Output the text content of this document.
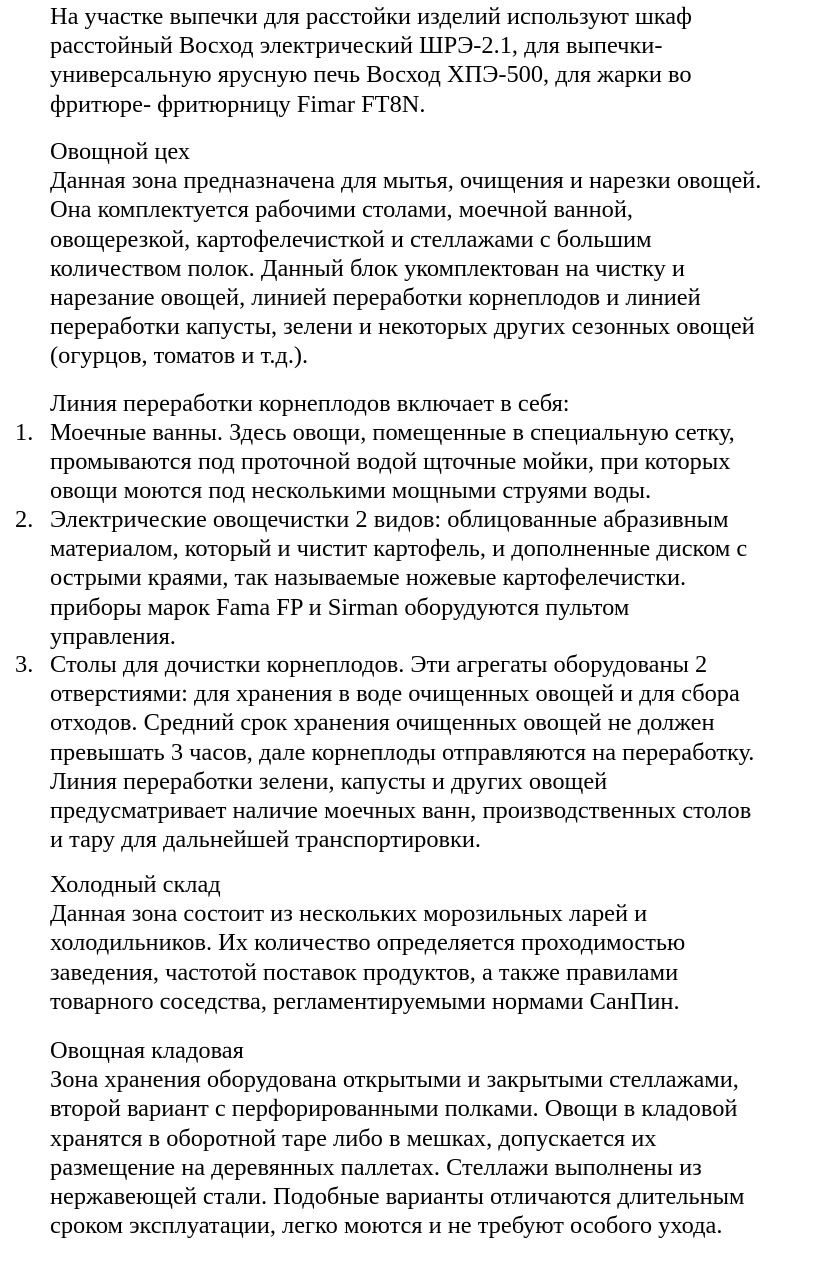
На участке выпечки для расстойки изделий используют шкаф
расстойный Восход электрический ШРЭ-2.1, для выпечки-
универсальную ярусную печь Восход ХПЭ-500, для жарки во
фритюре- фритюрницу Fimar FT8N.
Овощной цех
Данная зона предназначена для мытья, очищения и нарезки овощей.
Она комплектуется рабочими столами, моечной ванной,
овощерезкой, картофелечисткой и стеллажами с большим
количеством полок. Данный блок укомплектован на чистку и
нарезание овощей, линией переработки корнеплодов и линией
переработки капусты, зелени и некоторых других сезонных овощей
(огурцов, томатов и т.д.).
Линия переработки корнеплодов включает в себя:
1. Моечные ванны. Здесь овощи, помещенные в специальную сетку,
промываются под проточной водой щточные мойки, при которых
овощи моются под несколькими мощными струями воды.
2. Электрические овощечистки 2 видов: облицованные абразивным
материалом, который и чистит картофель, и дополненные диском с
острыми краями, так называемые ножевые картофелечистки.
приборы марок Fama FP и Sirman оборудуются пультом
управления.
3. Столы для дочистки корнеплодов. Эти агрегаты оборудованы 2
отверстиями: для хранения в воде очищенных овощей и для сбора
отходов. Средний срок хранения очищенных овощей не должен
превышать 3 часов, дале корнеплоды отправляются на переработку.
Линия переработки зелени, капусты и других овощей
предусматривает наличие моечных ванн, производственных столов
и тару для дальнейшей транспортировки.
Холодный склад
Данная зона состоит из нескольких морозильных ларей и
холодильников. Их количество определяется проходимостью
заведения, частотой поставок продуктов, а также правилами
товарного соседства, регламентируемыми нормами СанПин.
Овощная кладовая
Зона хранения оборудована открытыми и закрытыми стеллажами,
второй вариант с перфорированными полками. Овощи в кладовой
хранятся в оборотной таре либо в мешках, допускается их
размещение на деревянных паллетах. Стеллажи выполнены из
нержавеющей стали. Подобные варианты отличаются длительным
сроком эксплуатации, легко моются и не требуют особого ухода.
